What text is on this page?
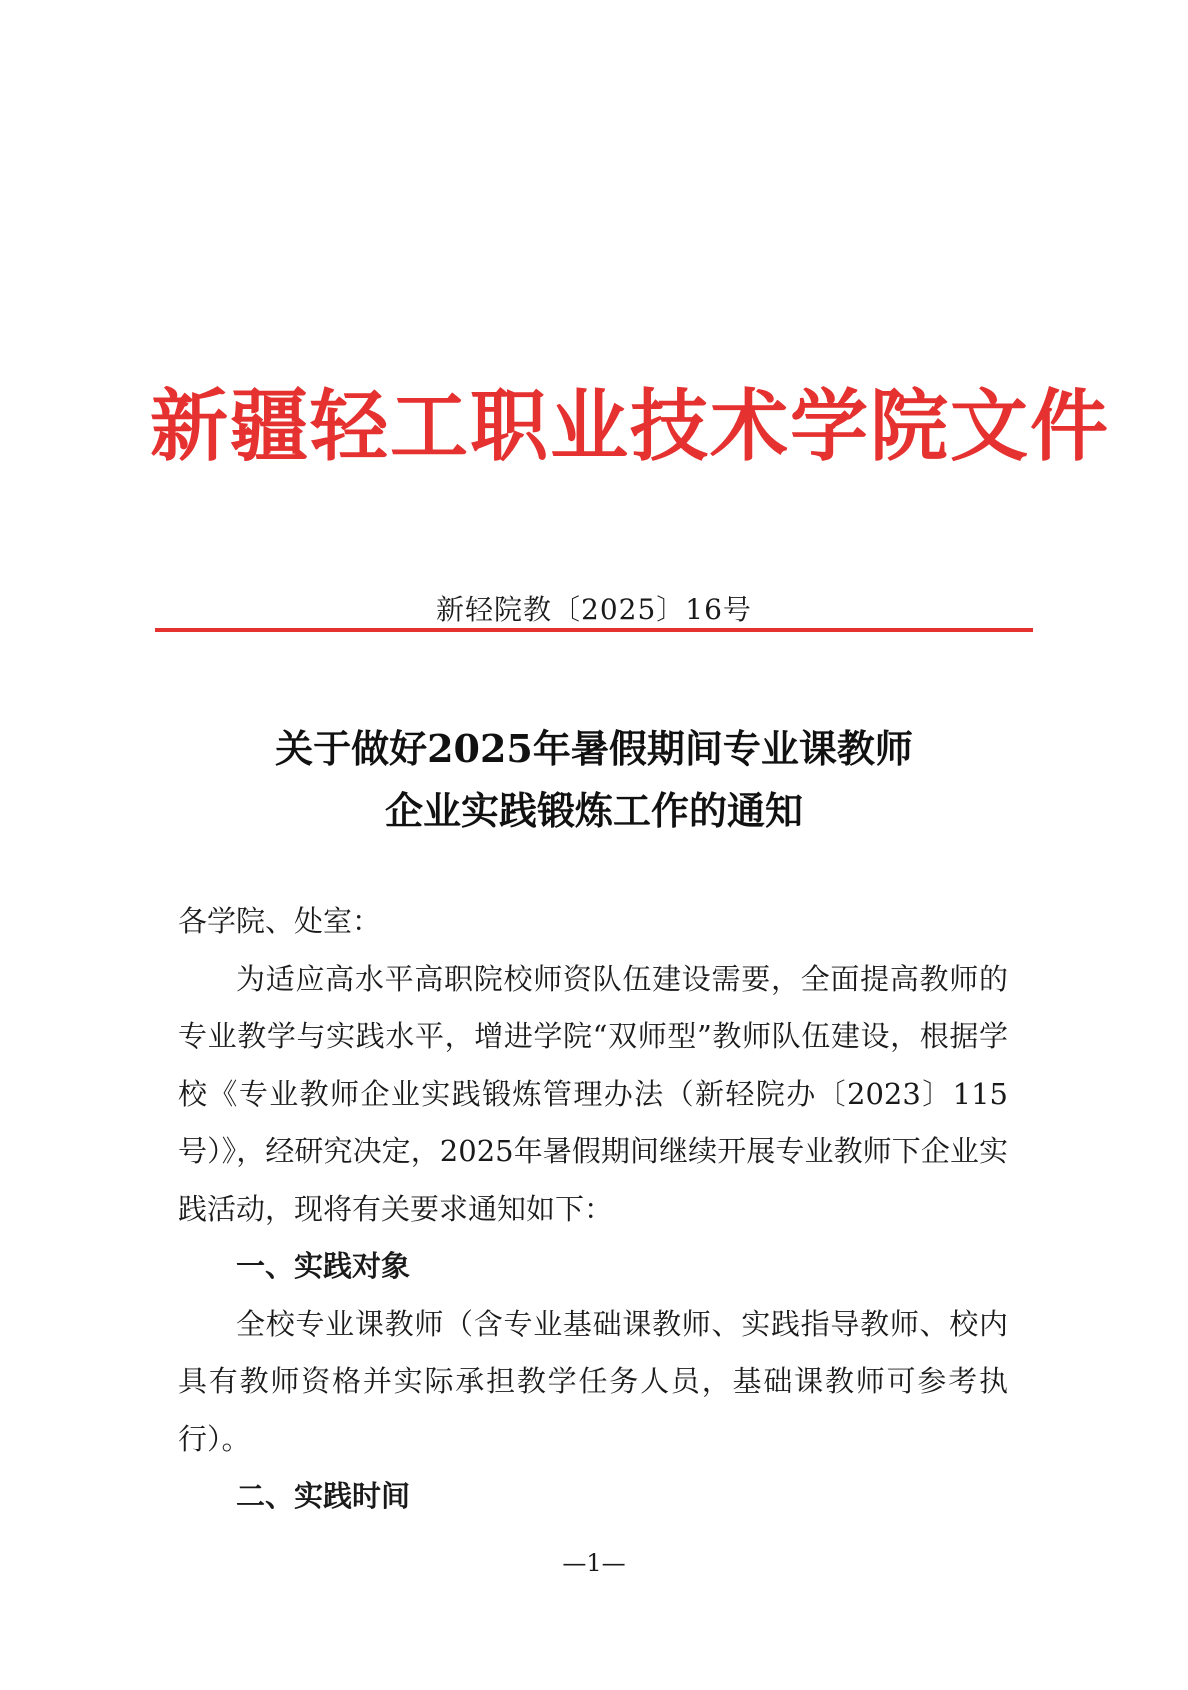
新疆轻工职业技术学院文件
新轻院教〔2025〕16号
关于做好2025年暑假期间专业课教师
企业实践锻炼工作的通知

各学院、处室：

为适应高水平高职院校师资队伍建设需要，全面提高教师的专业教学与实践水平，增进学院“双师型”教师队伍建设，根据学校《专业教师企业实践锻炼管理办法（新轻院办〔2023〕115号）》，经研究决定，2025年暑假期间继续开展专业教师下企业实践活动，现将有关要求通知如下：

一、实践对象

全校专业课教师（含专业基础课教师、实践指导教师、校内具有教师资格并实际承担教学任务人员，基础课教师可参考执行）。

二、实践时间

—1—
